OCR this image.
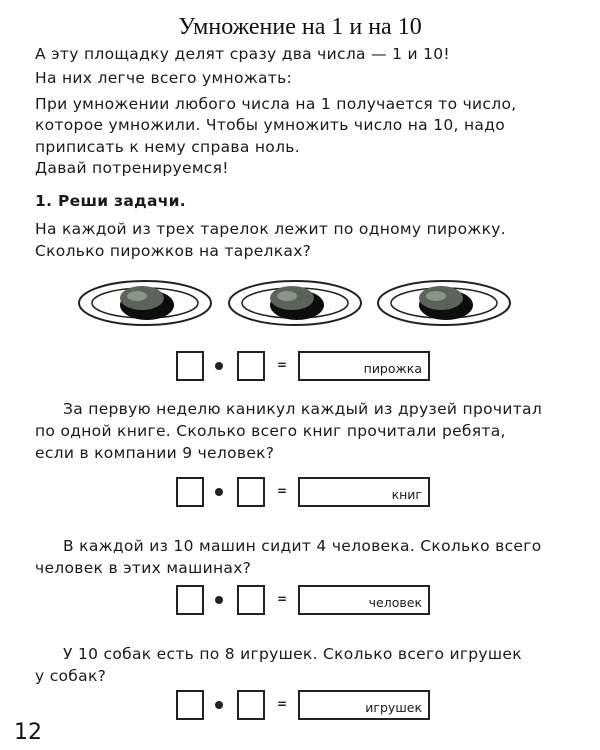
Умножение на 1 и на 10
А эту площадку делят сразу два числа — 1 и 10!
На них легче всего умножать:
При умножении любого числа на 1 получается то число,
которое умножили. Чтобы умножить число на 10, надо
приписать к нему справа ноль.
Давай потренируемся!
1. Реши задачи.
На каждой из трех тарелок лежит по одному пирожку.
Сколько пирожков на тарелках?
=	пирожка
За первую неделю каникул каждый из друзей прочитал
по одной книге. Сколько всего книг прочитали ребята,
если в компании 9 человек?
=	книг
В каждой из 10 машин сидит 4 человека. Сколько всего
человек в этих машинах?
=	человек
У 10 собак есть по 8 игрушек. Сколько всего игрушек
у собак?
=	игрушек
12
